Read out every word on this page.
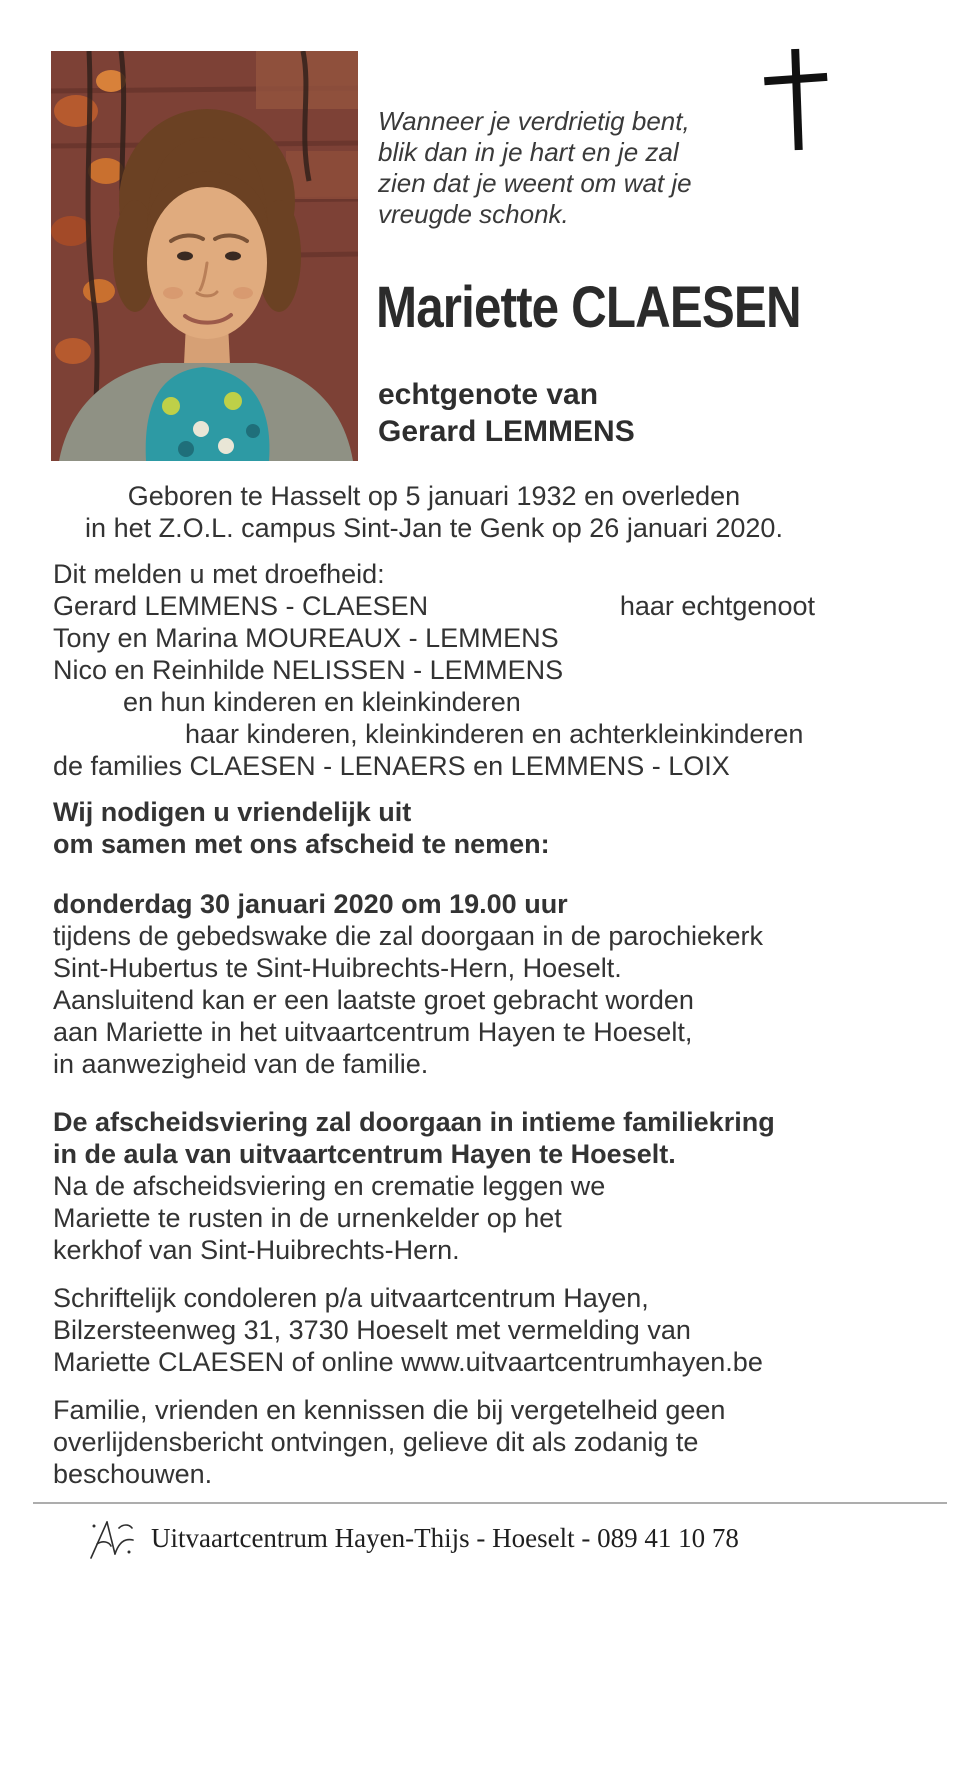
Wanneer je verdrietig bent,
blik dan in je hart en je zal
zien dat je weent om wat je
vreugde schonk.
Mariette CLAESEN
echtgenote van
Gerard LEMMENS
Geboren te Hasselt op 5 januari 1932 en overleden
in het Z.O.L. campus Sint-Jan te Genk op 26 januari 2020.
Dit melden u met droefheid:
Gerard LEMMENS - CLAESEN	haar echtgenoot
Tony en Marina MOUREAUX - LEMMENS
Nico en Reinhilde NELISSEN - LEMMENS
en hun kinderen en kleinkinderen
haar kinderen, kleinkinderen en achterkleinkinderen
de families CLAESEN - LENAERS en LEMMENS - LOIX
Wij nodigen u vriendelijk uit
om samen met ons afscheid te nemen:
donderdag 30 januari 2020 om 19.00 uur
tijdens de gebedswake die zal doorgaan in de parochiekerk
Sint-Hubertus te Sint-Huibrechts-Hern, Hoeselt.
Aansluitend kan er een laatste groet gebracht worden
aan Mariette in het uitvaartcentrum Hayen te Hoeselt,
in aanwezigheid van de familie.
De afscheidsviering zal doorgaan in intieme familiekring
in de aula van uitvaartcentrum Hayen te Hoeselt.
Na de afscheidsviering en crematie leggen we
Mariette te rusten in de urnenkelder op het
kerkhof van Sint-Huibrechts-Hern.
Schriftelijk condoleren p/a uitvaartcentrum Hayen,
Bilzersteenweg 31, 3730 Hoeselt met vermelding van
Mariette CLAESEN of online www.uitvaartcentrumhayen.be
Familie, vrienden en kennissen die bij vergetelheid geen
overlijdensbericht ontvingen, gelieve dit als zodanig te
beschouwen.
Uitvaartcentrum Hayen-Thijs - Hoeselt - 089 41 10 78
